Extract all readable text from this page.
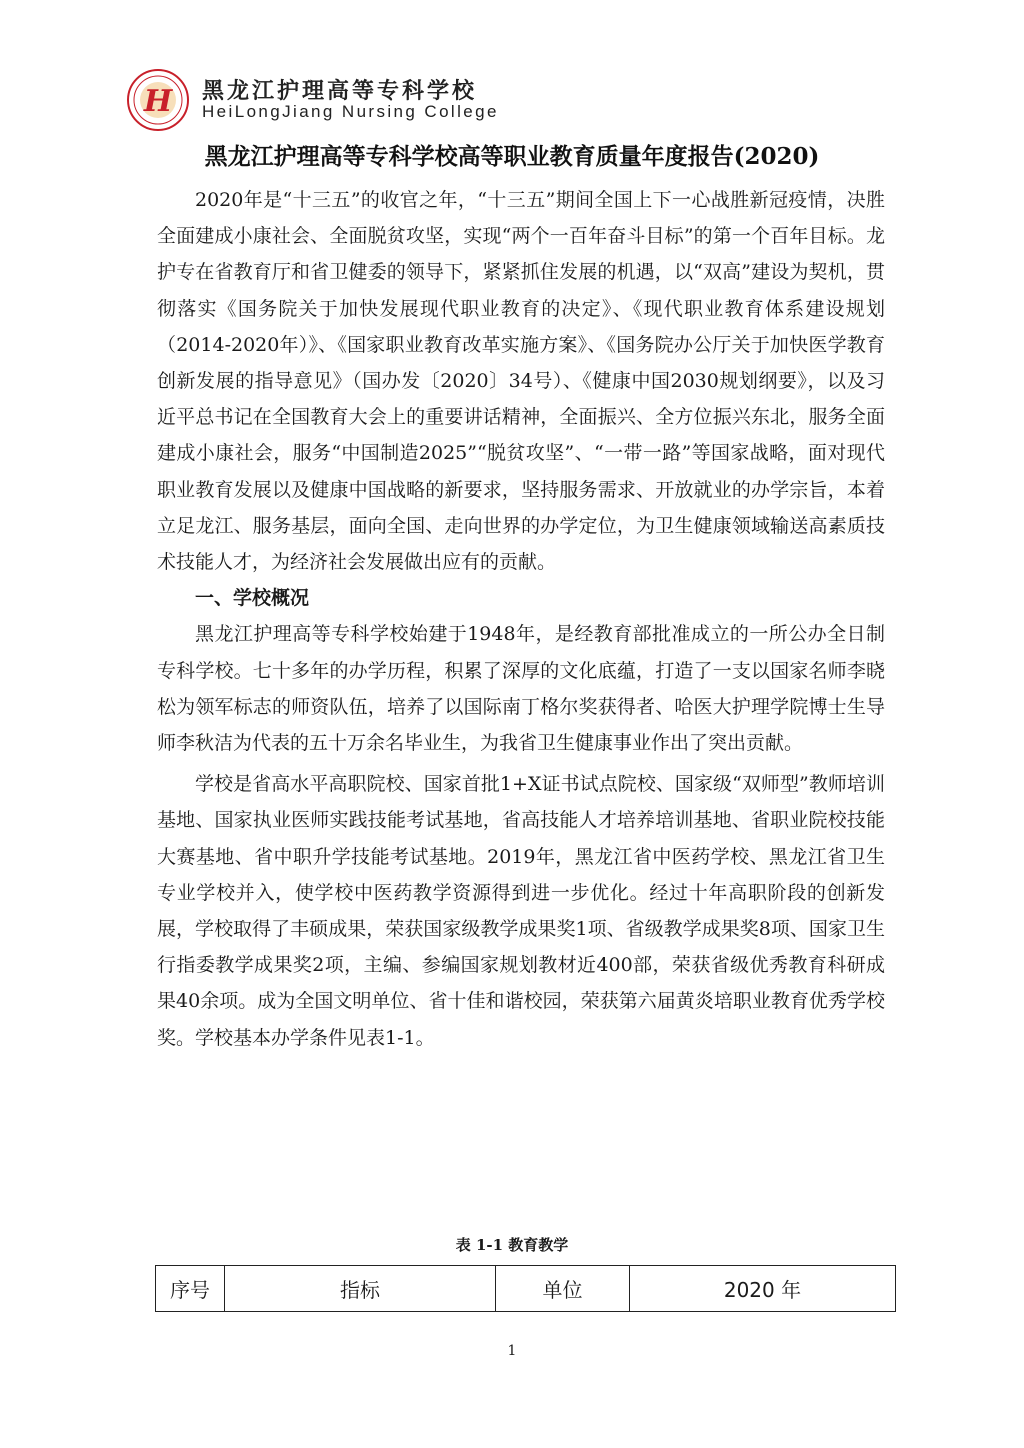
H 黑龙江护理高等专科学校
HeiLongJiang Nursing College
黑龙江护理高等专科学校高等职业教育质量年度报告(2020)

2020年是“十三五”的收官之年，“十三五”期间全国上下一心战胜新冠疫情，决胜全面建成小康社会、全面脱贫攻坚，实现“两个一百年奋斗目标”的第一个百年目标。龙护专在省教育厅和省卫健委的领导下，紧紧抓住发展的机遇，以“双高”建设为契机，贯彻落实《国务院关于加快发展现代职业教育的决定》、《现代职业教育体系建设规划（2014-2020年）》、《国家职业教育改革实施方案》、《国务院办公厅关于加快医学教育创新发展的指导意见》（国办发〔2020〕34号）、《健康中国2030规划纲要》，以及习近平总书记在全国教育大会上的重要讲话精神，全面振兴、全方位振兴东北，服务全面建成小康社会，服务“中国制造2025”“脱贫攻坚”、“一带一路”等国家战略，面对现代职业教育发展以及健康中国战略的新要求，坚持服务需求、开放就业的办学宗旨，本着立足龙江、服务基层，面向全国、走向世界的办学定位，为卫生健康领域输送高素质技术技能人才，为经济社会发展做出应有的贡献。

一、学校概况

黑龙江护理高等专科学校始建于1948年，是经教育部批准成立的一所公办全日制专科学校。七十多年的办学历程，积累了深厚的文化底蕴，打造了一支以国家名师李晓松为领军标志的师资队伍，培养了以国际南丁格尔奖获得者、哈医大护理学院博士生导师李秋洁为代表的五十万余名毕业生，为我省卫生健康事业作出了突出贡献。

学校是省高水平高职院校、国家首批1+X证书试点院校、国家级“双师型”教师培训基地、国家执业医师实践技能考试基地，省高技能人才培养培训基地、省职业院校技能大赛基地、省中职升学技能考试基地。2019年，黑龙江省中医药学校、黑龙江省卫生专业学校并入，使学校中医药教学资源得到进一步优化。经过十年高职阶段的创新发展，学校取得了丰硕成果，荣获国家级教学成果奖1项、省级教学成果奖8项、国家卫生行指委教学成果奖2项，主编、参编国家规划教材近400部，荣获省级优秀教育科研成果40余项。成为全国文明单位、省十佳和谐校园，荣获第六届黄炎培职业教育优秀学校奖。学校基本办学条件见表1-1。

表 1-1 教育教学
序号	指标	单位	2020 年
1
